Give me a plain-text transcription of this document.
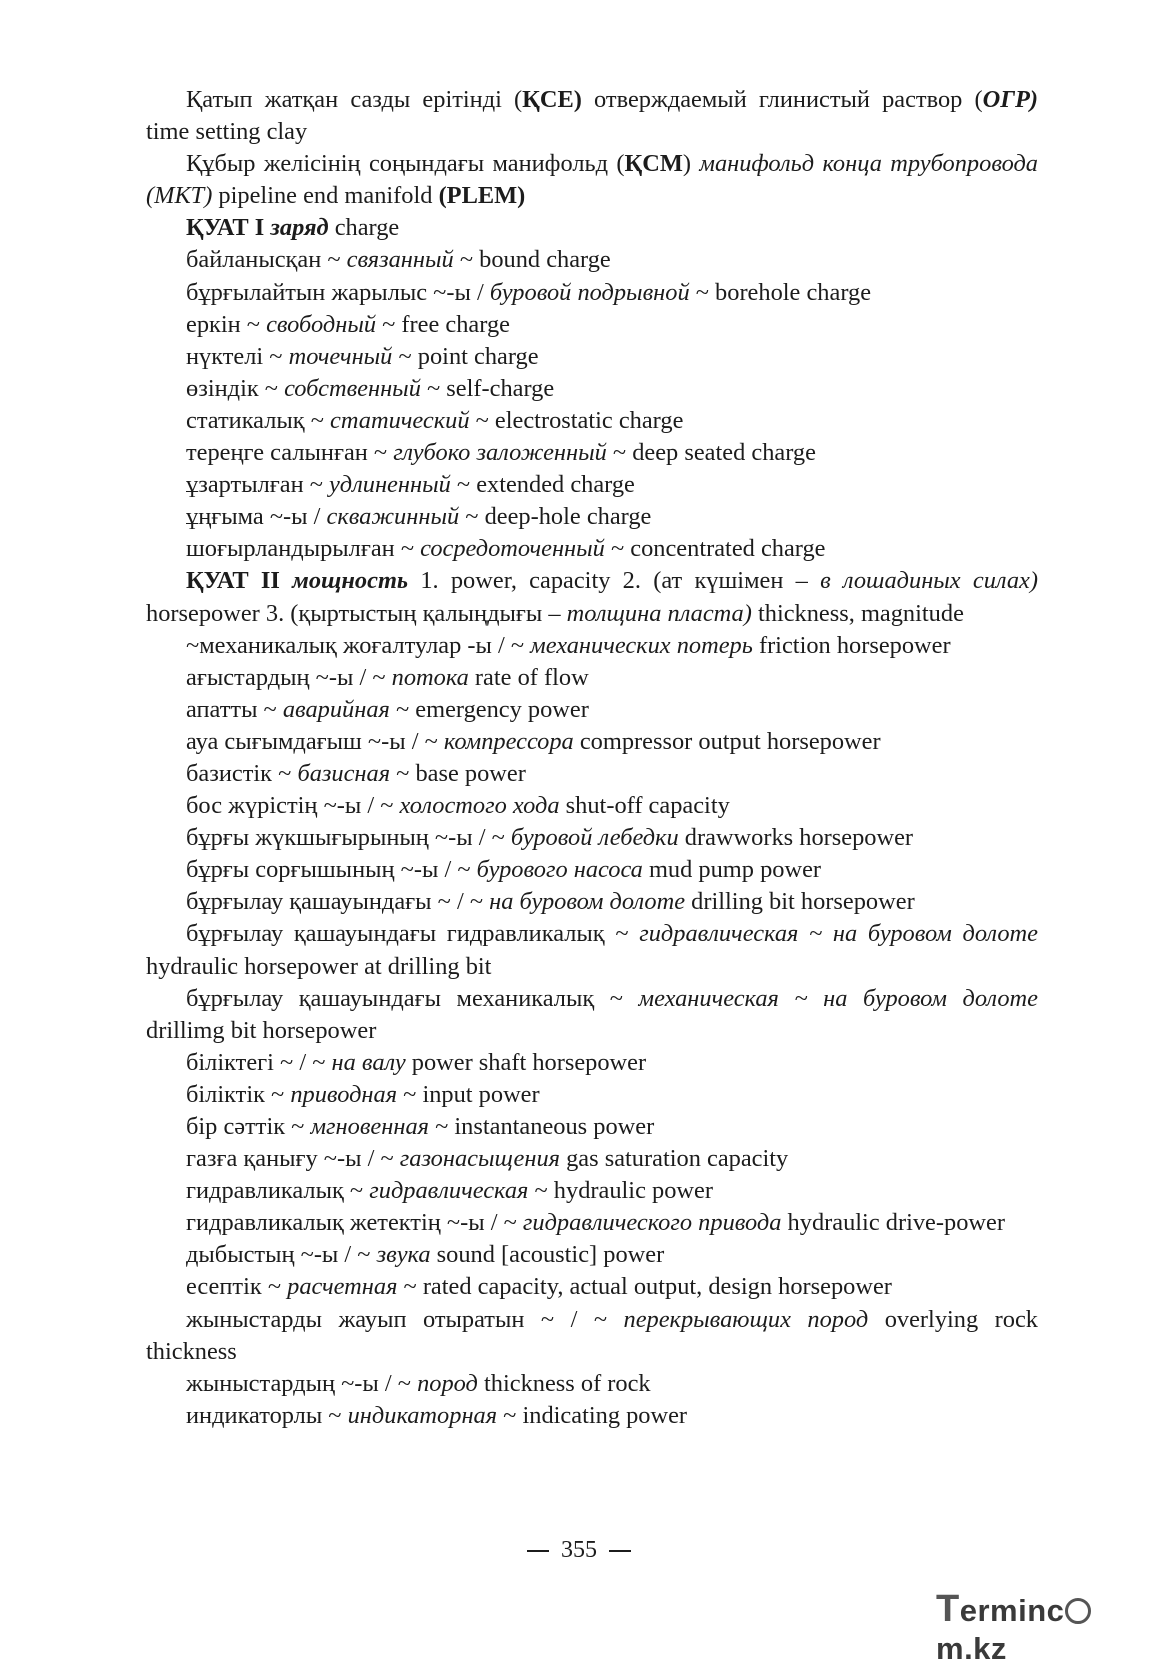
Қатып жатқан сазды ерітінді (ҚСЕ) отверждаемый глинистый раствор (ОГР) time setting clay

Құбыр желісінің соңындағы манифольд (ҚСМ) манифольд конца трубопровода (МКТ) pipeline end manifold (PLEM)

ҚУАТ I заряд charge

байланысқан ~ связанный ~ bound charge

бұрғылайтын жарылыс ~-ы / буровой подрывной ~ borehole charge

еркін ~ свободный ~ free charge

нүктелі ~ точечный ~ point charge

өзіндік ~ собственный ~ self-charge

статикалық ~ статический ~ electrostatic charge

тереңге салынған ~ глубоко заложенный ~ deep seated charge

ұзартылған ~ удлиненный ~ extended charge

ұңғыма ~-ы / скважинный ~ deep-hole charge

шоғырландырылған ~ сосредоточенный ~ concentrated charge

ҚУАТ II мощность 1. power, capacity 2. (ат күшімен – в лошадиных силах) horsepower 3. (қыртыстың қалыңдығы – толщина пласта) thickness, magnitude

~механикалық жоғалтулар -ы / ~ механических потерь friction horsepower

ағыстардың ~-ы / ~ потока rate of flow

апатты ~ аварийная ~ emergency power

ауа сығымдағыш ~-ы / ~ компрессора compressor output horsepower

базистік ~ базисная ~ base power

бос жүрістің ~-ы / ~ холостого хода shut-off capacity

бұрғы жүкшығырының ~-ы / ~ буровой лебедки drawworks horsepower

бұрғы сорғышының ~-ы / ~ бурового насоса mud pump power

бұрғылау қашауындағы ~ / ~ на буровом долоте drilling bit horsepower

бұрғылау қашауындағы гидравликалық ~ гидравлическая ~ на буровом долоте hydraulic horsepower at drilling bit

бұрғылау қашауындағы механикалық ~ механическая ~ на буровом долоте drillimg bit horsepower

біліктегі ~ / ~ на валу power shaft horsepower

біліктік ~ приводная ~ input power

бір сәттік ~ мгновенная ~ instantaneous power

газға қанығу ~-ы / ~ газонасыщения gas saturation capacity

гидравликалық ~ гидравлическая ~ hydraulic power

гидравликалық жетектің ~-ы / ~ гидравлического привода hydraulic drive-power

дыбыстың ~-ы / ~ звука sound [acoustic] power

есептік ~ расчетная ~ rated capacity, actual output, design horsepower

жыныстарды жауып отыратын ~ / ~ перекрывающих пород overlying rock thickness

жыныстардың ~-ы / ~ пород thickness of rock

индикаторлы ~ индикаторная ~ indicating power

355
Termincm.kz
